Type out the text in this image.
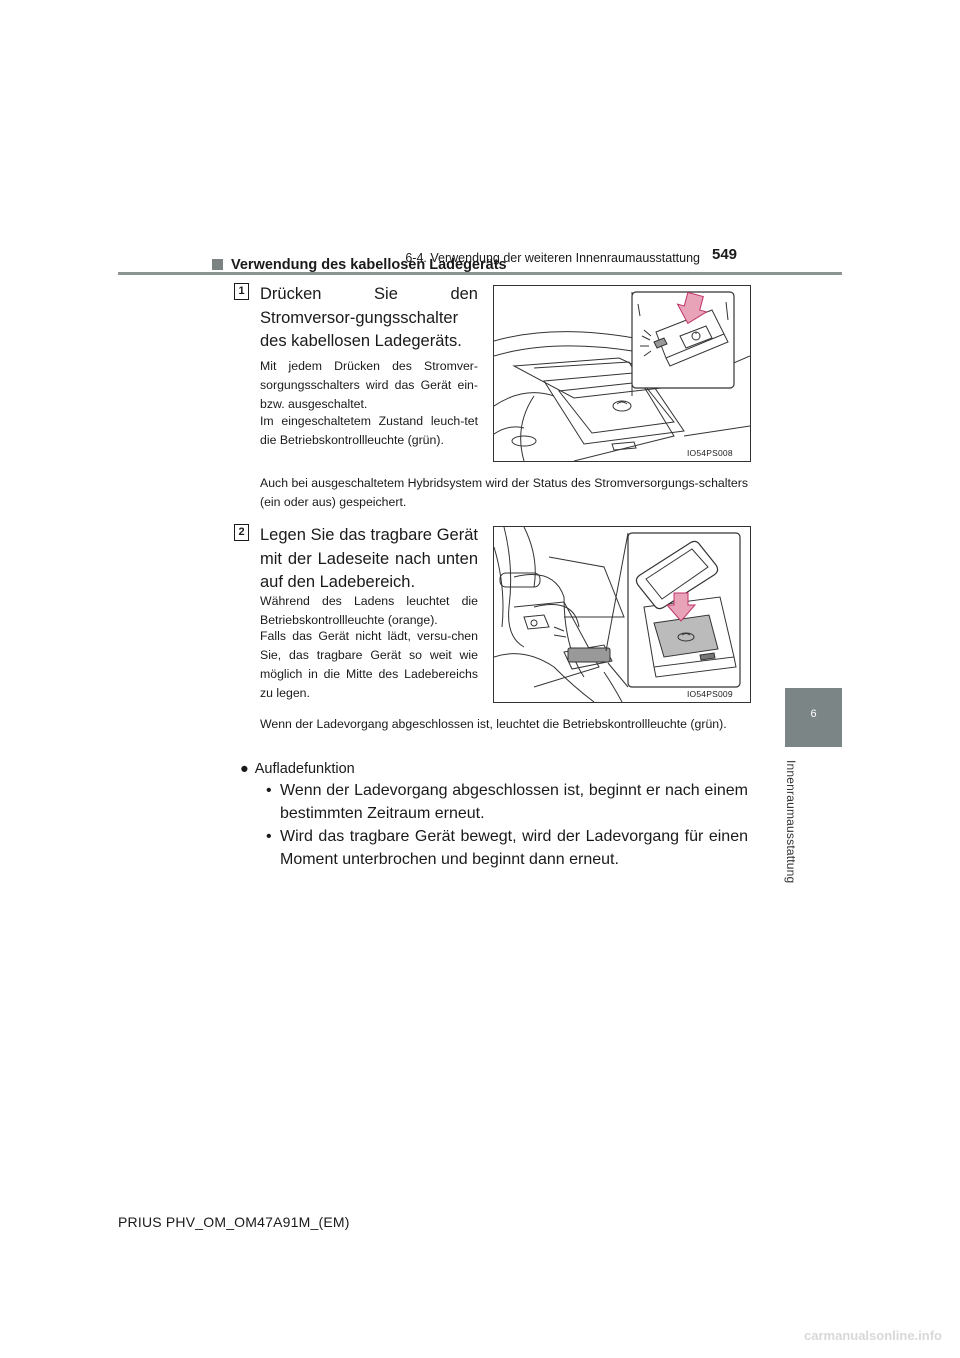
6-4. Verwendung der weiteren Innenraumausstattung 549
6
Innenraumausstattung
Verwendung des kabellosen Ladegeräts
1 Drücken Sie den Stromversor-gungsschalter des kabellosen Ladegeräts.
Mit jedem Drücken des Stromver-sorgungsschalters wird das Gerät ein- bzw. ausgeschaltet.
Im eingeschaltetem Zustand leuch-tet die Betriebskontrollleuchte (grün).
IO54PS008
Auch bei ausgeschaltetem Hybridsystem wird der Status des Stromversorgungs-schalters (ein oder aus) gespeichert.
2 Legen Sie das tragbare Gerät mit der Ladeseite nach unten auf den Ladebereich.
Während des Ladens leuchtet die Betriebskontrollleuchte (orange).
Falls das Gerät nicht lädt, versu-chen Sie, das tragbare Gerät so weit wie möglich in die Mitte des Ladebereichs zu legen.	IO54PS009
Wenn der Ladevorgang abgeschlossen ist, leuchtet die Betriebskontrollleuchte (grün).
● Aufladefunktion
• Wenn der Ladevorgang abgeschlossen ist, beginnt er nach einem bestimmten Zeitraum erneut.
• Wird das tragbare Gerät bewegt, wird der Ladevorgang für einen Moment unterbrochen und beginnt dann erneut.
PRIUS PHV_OM_OM47A91M_(EM)
carmanualsonline.info
